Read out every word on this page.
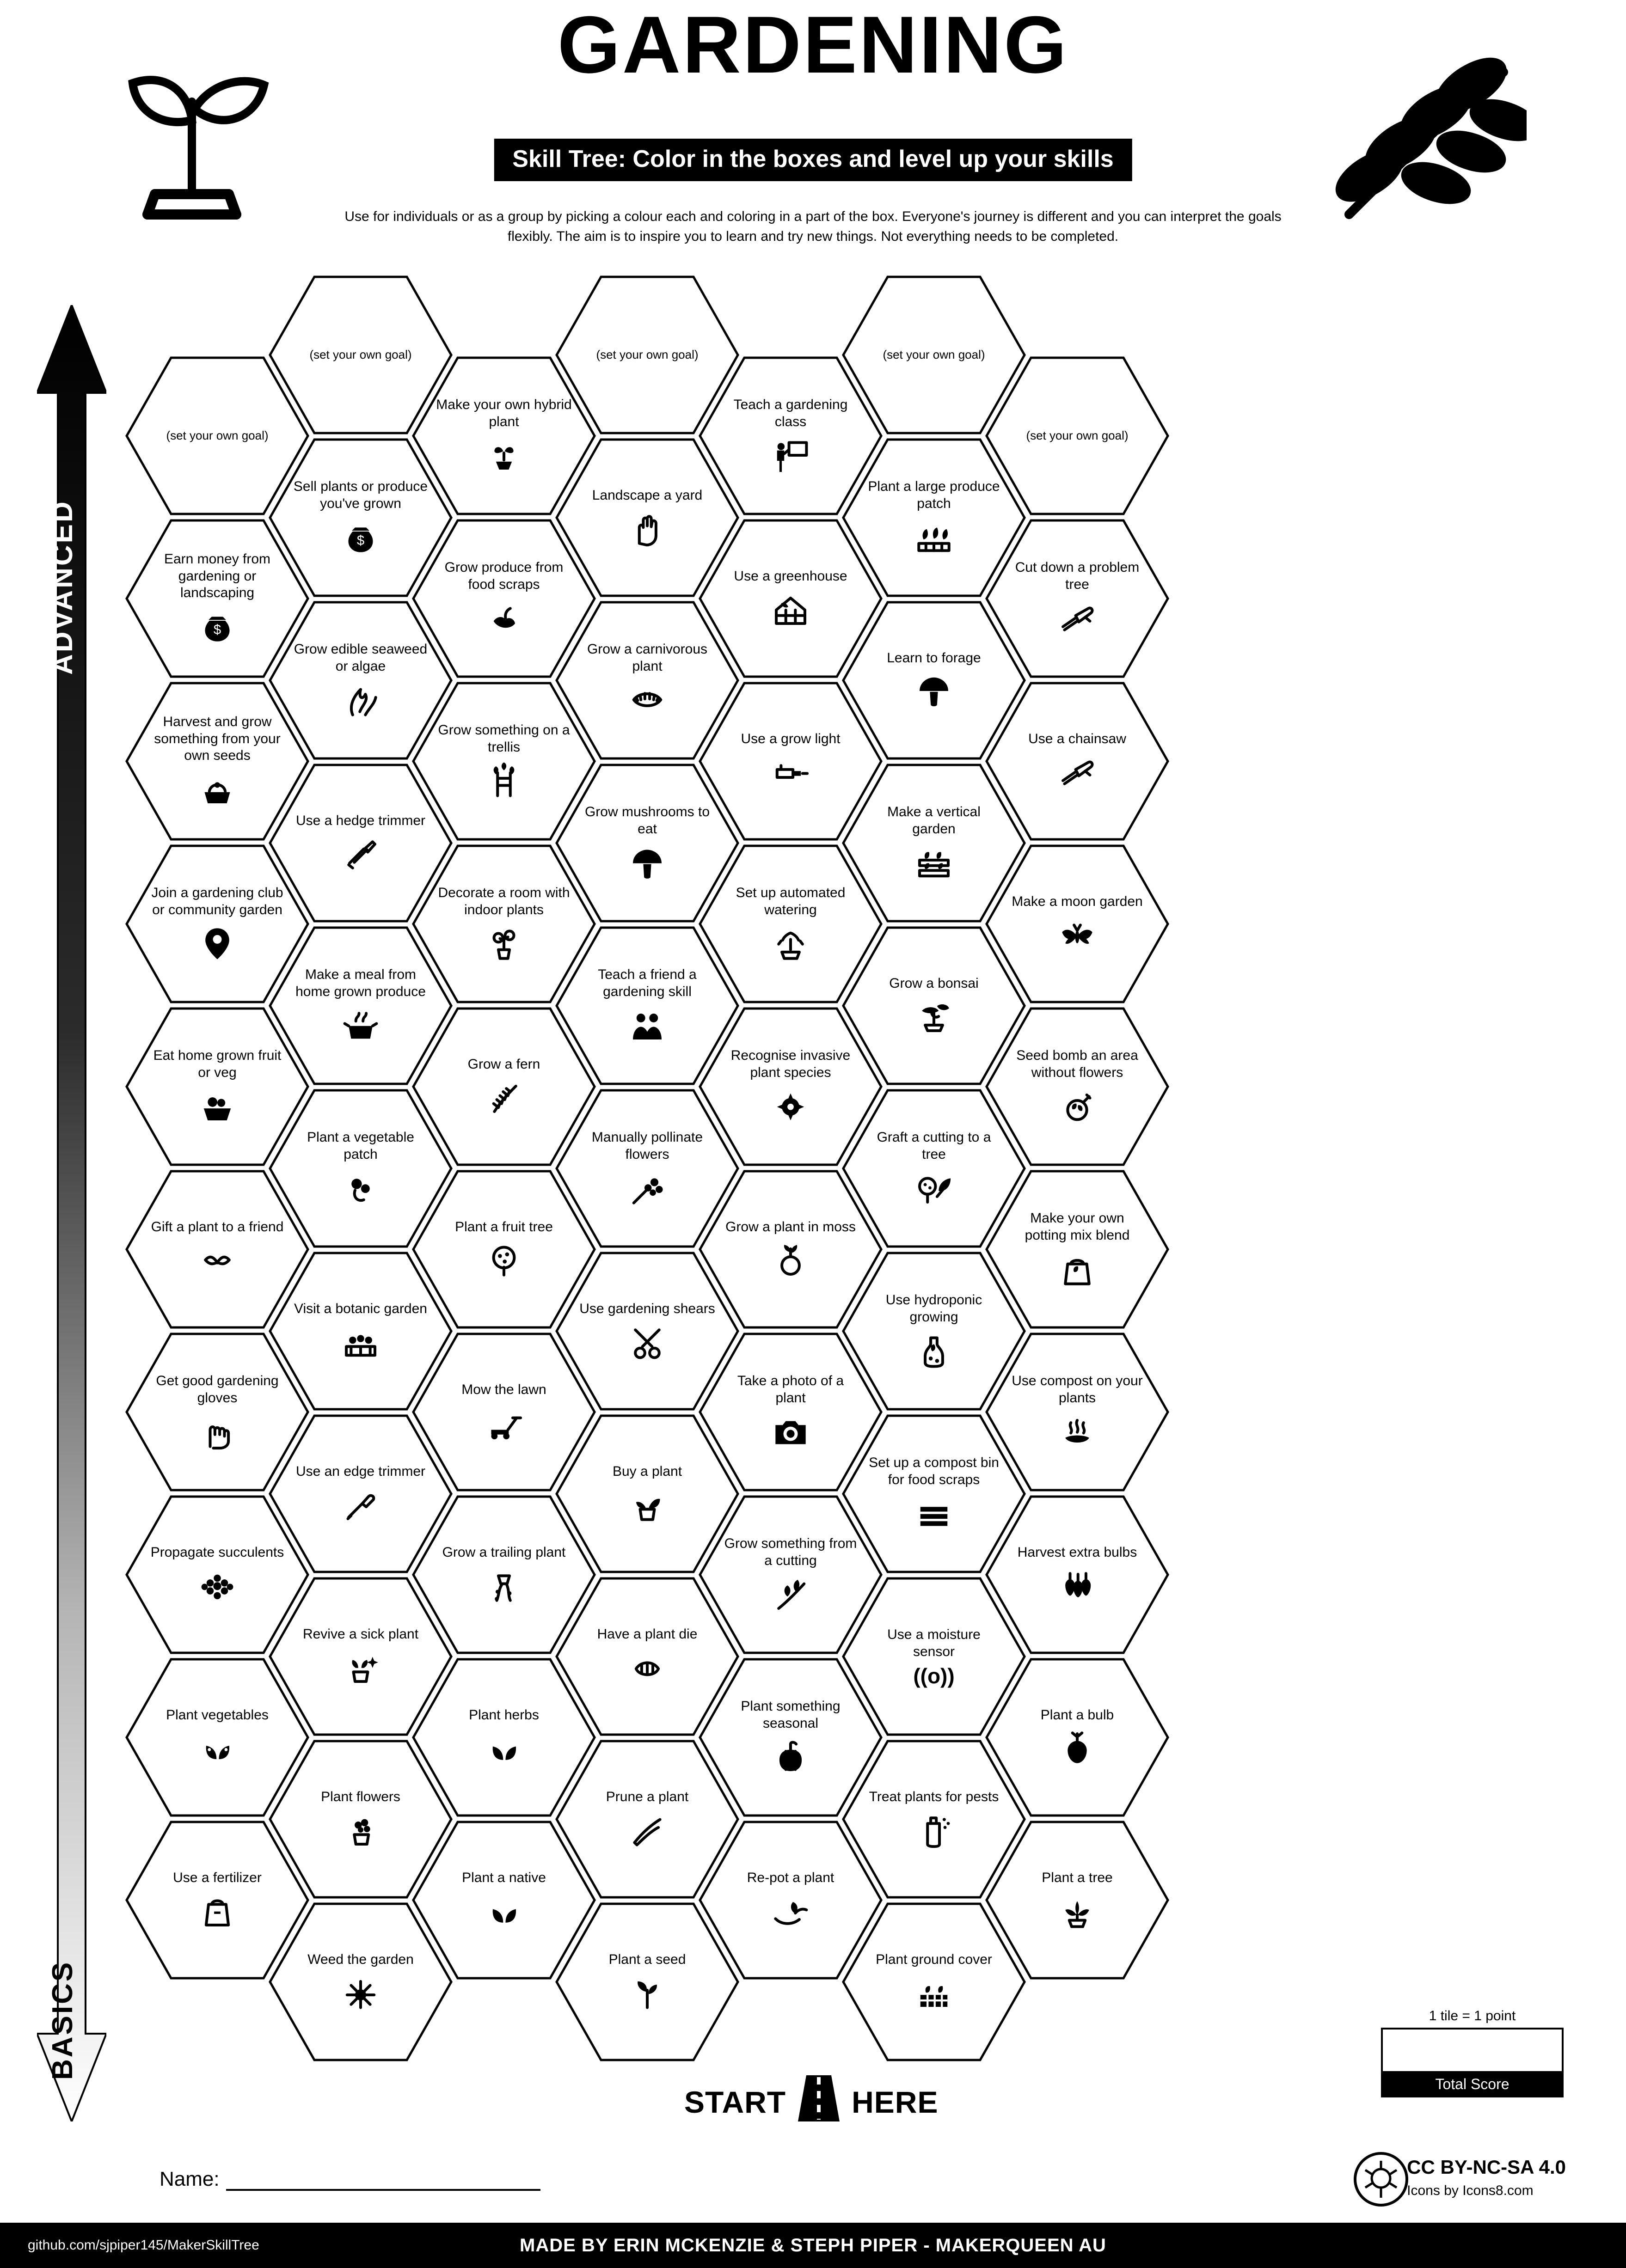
GARDENING
Skill Tree: Color in the boxes and level up your skills
Use for individuals or as a group by picking a colour each and coloring in a part of the box. Everyone's journey is different and you can interpret the goals flexibly. The aim is to inspire you to learn and try new things. Not everything needs to be completed.
ADVANCED
BASICS
(set your own goal)
Earn money from gardening or landscaping
$
Harvest and grow something from your own seeds
Join a gardening club or community garden
Eat home grown fruit or veg
Gift a plant to a friend
Get good gardening gloves
Propagate succulents
Plant vegetables
Use a fertilizer
(set your own goal)
Sell plants or produce you've grown
$
Grow edible seaweed or algae
Use a hedge trimmer
Make a meal from home grown produce
Plant a vegetable patch
Visit a botanic garden
Use an edge trimmer
Revive a sick plant
Plant flowers
Weed the garden
Make your own hybrid plant
Grow produce from food scraps
Grow something on a trellis
Decorate a room with indoor plants
Grow a fern
Plant a fruit tree
Mow the lawn
Grow a trailing plant
Plant herbs
Plant a native
(set your own goal)
Landscape a yard
Grow a carnivorous plant
Grow mushrooms to eat
Teach a friend a gardening skill
Manually pollinate flowers
Use gardening shears
Buy a plant
Have a plant die
Prune a plant
Plant a seed
Teach a gardening class
Use a greenhouse
Use a grow light
Set up automated watering
Recognise invasive plant species
Grow a plant in moss
Take a photo of a plant
Grow something from a cutting
Plant something seasonal
Re-pot a plant
(set your own goal)
Plant a large produce patch
Learn to forage
Make a vertical garden
Grow a bonsai
Graft a cutting to a tree
Use hydroponic growing
Set up a compost bin for food scraps
Use a moisture sensor
((o))
Treat plants for pests
Plant ground cover
(set your own goal)
Cut down a problem tree
Use a chainsaw
Make a moon garden
Seed bomb an area without flowers
Make your own potting mix blend
Use compost on your plants
Harvest extra bulbs
Plant a bulb
Plant a tree
START HERE
1 tile = 1 point
Total Score
Name:
CC BY-NC-SA 4.0
Icons by Icons8.com
github.com/sjpiper145/MakerSkillTree	MADE BY ERIN MCKENZIE & STEPH PIPER - MAKERQUEEN AU
